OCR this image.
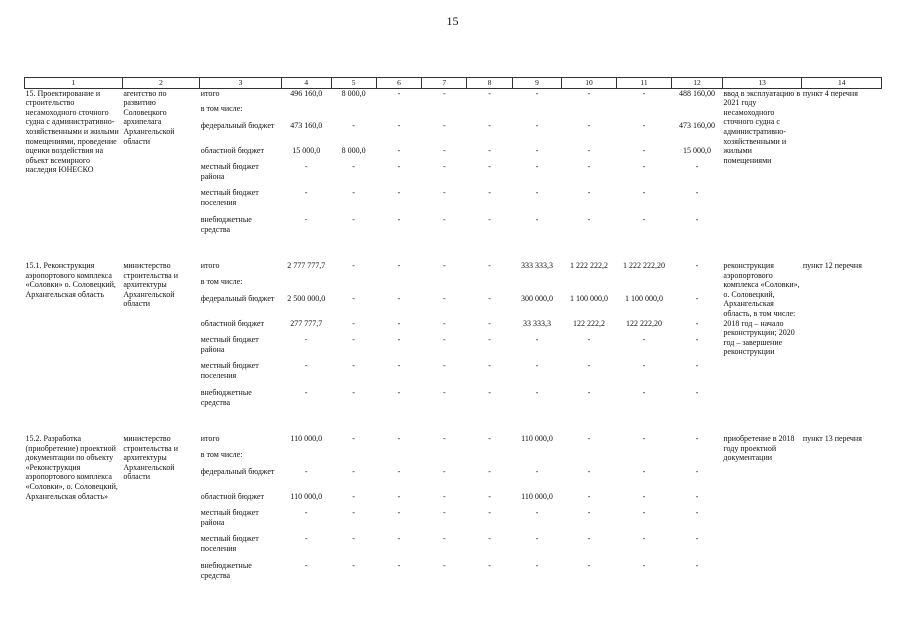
15
1	2	3	4	5	6	7	8	9	10	11	12	13	14
15. Проектирование и строительство несамоходного сточного судна с административно-хозяйственными и жилыми помещениями, проведение оценки воздействия на объект всемирного наследия ЮНЕСКО	агентство по развитию Соловецкого архипелага Архангельской области	итого	496 160,0	8 000,0	-	-	-	-	-	-	488 160,00	ввод в эксплуатацию в 2021 году несамоходного сточного судна с административно-хозяйственными и жилыми помещениями	пункт 4 перечня
		в том числе:											
		федеральный бюджет	473 160,0	-	-	-	-	-	-	-	473 160,00		
		областной бюджет	15 000,0	8 000,0	-	-	-	-	-	-	15 000,0		
		местный бюджет района	-	-	-	-	-	-	-	-	-		
		местный бюджет поселения	-	-	-	-	-	-	-	-	-		
		внебюджетные средства	-	-	-	-	-	-	-	-	-		

15.1. Реконструкция аэропортового комплекса «Соловки» о. Соловецкий, Архангельская область	министерство строительства и архитектуры Архангельской области	итого	2 777 777,7	-	-	-	-	333 333,3	1 222 222,2	1 222 222,20	-	реконструкция аэропортового комплекса «Соловки», о. Соловецкий, Архангельская область, в том числе: 2018 год – начало реконструкции; 2020 год – завершение реконструкции	пункт 12 перечня
		в том числе:											
		федеральный бюджет	2 500 000,0	-	-	-	-	300 000,0	1 100 000,0	1 100 000,0	-		
		областной бюджет	277 777,7	-	-	-	-	33 333,3	122 222,2	122 222,20	-		
		местный бюджет района	-	-	-	-	-	-	-	-	-		
		местный бюджет поселения	-	-	-	-	-	-	-	-	-		
		внебюджетные средства	-	-	-	-	-	-	-	-	-		

15.2. Разработка (приобретение) проектной документации по объекту «Реконструкция аэропортового комплекса «Соловки», о. Соловецкий, Архангельская область»	министерство строительства и архитектуры Архангельской области	итого	110 000,0	-	-	-	-	110 000,0	-	-	-	приобретение в 2018 году проектной документации	пункт 13 перечня
		в том числе:											
		федеральный бюджет	-	-	-	-	-	-	-	-	-		
		областной бюджет	110 000,0	-	-	-	-	110 000,0	-	-	-		
		местный бюджет района	-	-	-	-	-	-	-	-	-		
		местный бюджет поселения	-	-	-	-	-	-	-	-	-		
		внебюджетные средства	-	-	-	-	-	-	-	-	-		
